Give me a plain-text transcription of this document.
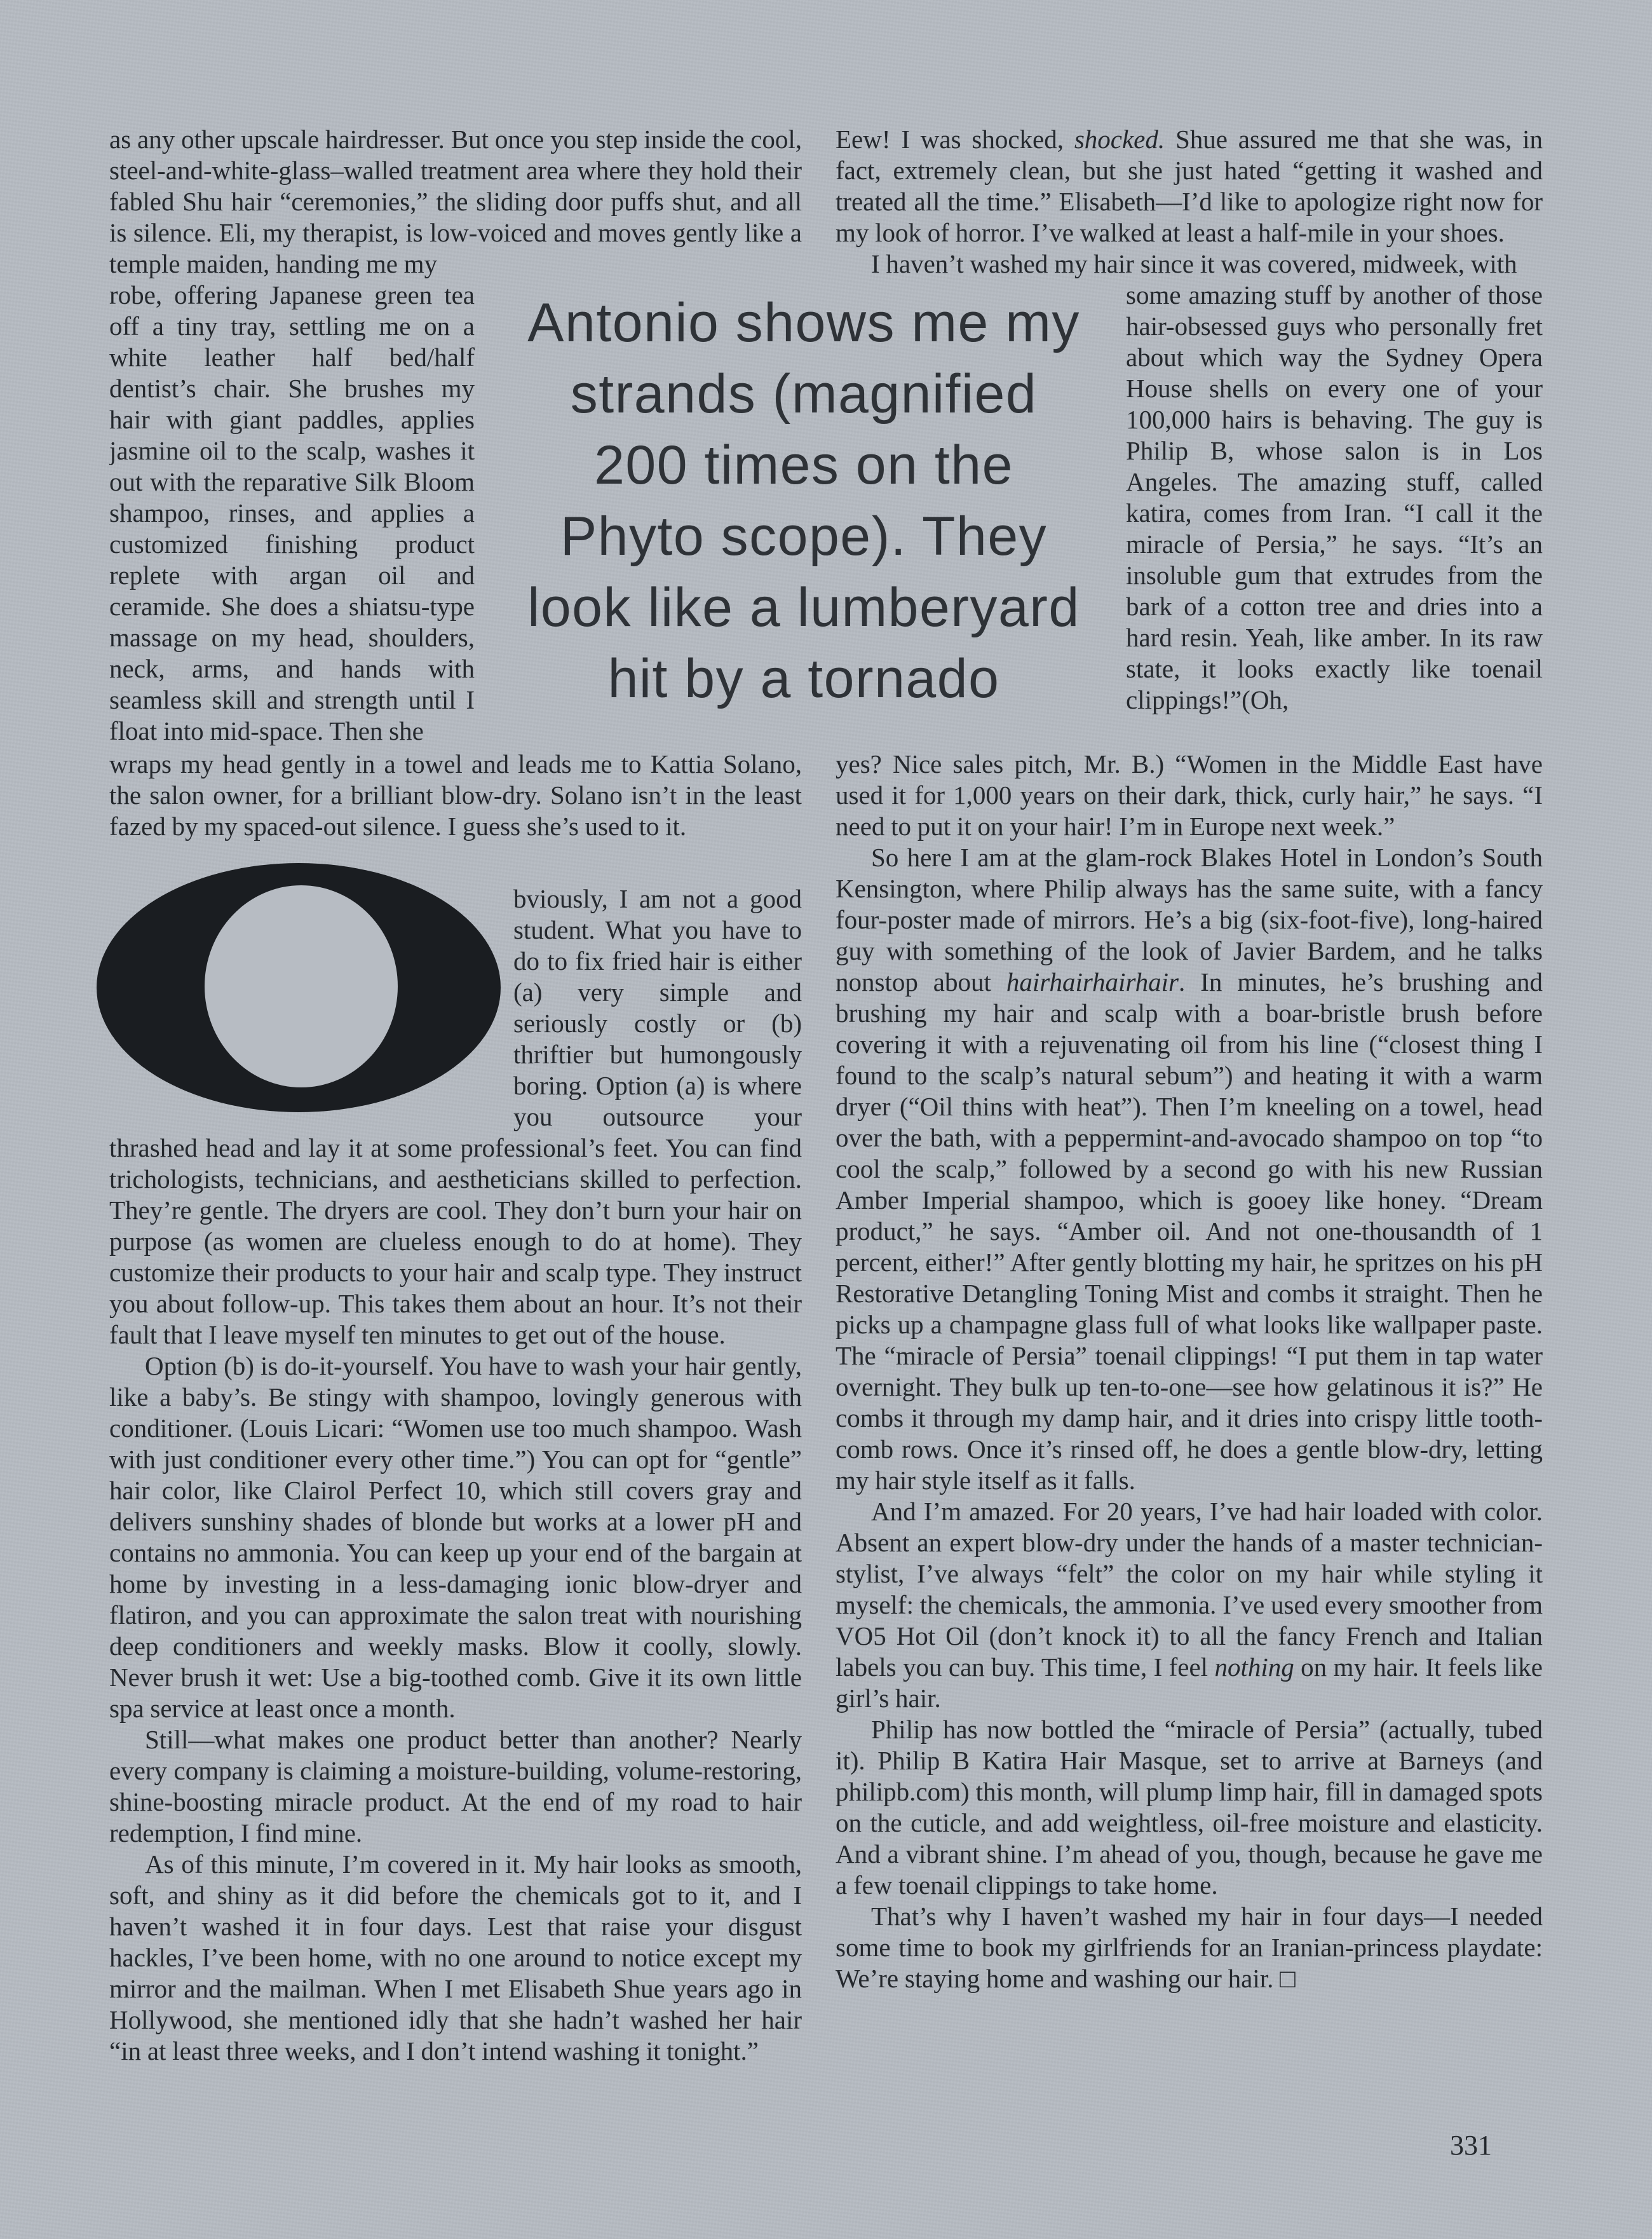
as any other upscale hairdresser. But once you step inside the cool, steel-and-white-glass–walled treatment area where they hold their fabled Shu hair “ceremonies,” the sliding door puffs shut, and all is silence. Eli, my therapist, is low-voiced and moves gently like a temple maiden, handing me my

robe, offering Japanese green tea off a tiny tray, settling me on a white leather half bed/half dentist’s chair. She brushes my hair with giant paddles, applies jasmine oil to the scalp, washes it out with the reparative Silk Bloom shampoo, rinses, and applies a customized finishing product replete with argan oil and ceramide. She does a shiatsu-type massage on my head, shoulders, neck, arms, and hands with seamless skill and strength until I float into mid-space. Then she

wraps my head gently in a towel and leads me to Kattia Solano, the salon owner, for a brilliant blow-dry. Solano isn’t in the least fazed by my spaced-out silence. I guess she’s used to it.

Antonio shows me my
strands (magnified
200 times on the
Phyto scope). They
look like a lumberyard
hit by a tornado

bviously, I am not a good student. What you have to do to fix fried hair is either (a) very simple and seriously costly or (b) thriftier but humongously boring. Option (a) is where you outsource your thrashed head and lay it at some professional’s feet. You can find trichologists, technicians, and aestheticians skilled to perfection. They’re gentle. The dryers are cool. They don’t burn your hair on purpose (as women are clueless enough to do at home). They customize their products to your hair and scalp type. They instruct you about follow-up. This takes them about an hour. It’s not their fault that I leave myself ten minutes to get out of the house.

Option (b) is do-it-yourself. You have to wash your hair gently, like a baby’s. Be stingy with shampoo, lovingly generous with conditioner. (Louis Licari: “Women use too much shampoo. Wash with just conditioner every other time.”) You can opt for “gentle” hair color, like Clairol Perfect 10, which still covers gray and delivers sunshiny shades of blonde but works at a lower pH and contains no ammonia. You can keep up your end of the bargain at home by investing in a less-damaging ionic blow-dryer and flatiron, and you can approximate the salon treat with nourishing deep conditioners and weekly masks. Blow it coolly, slowly. Never brush it wet: Use a big-toothed comb. Give it its own little spa service at least once a month.

Still—what makes one product better than another? Nearly every company is claiming a moisture-building, volume-restoring, shine-boosting miracle product. At the end of my road to hair redemption, I find mine.

As of this minute, I’m covered in it. My hair looks as smooth, soft, and shiny as it did before the chemicals got to it, and I haven’t washed it in four days. Lest that raise your disgust hackles, I’ve been home, with no one around to notice except my mirror and the mailman. When I met Elisabeth Shue years ago in Hollywood, she mentioned idly that she hadn’t washed her hair “in at least three weeks, and I don’t intend washing it tonight.”

Eew! I was shocked, shocked. Shue assured me that she was, in fact, extremely clean, but she just hated “getting it washed and treated all the time.” Elisabeth—I’d like to apologize right now for my look of horror. I’ve walked at least a half-mile in your shoes.

I haven’t washed my hair since it was covered, midweek, with

some amazing stuff by another of those hair-obsessed guys who personally fret about which way the Sydney Opera House shells on every one of your 100,000 hairs is behaving. The guy is Philip B, whose salon is in Los Angeles. The amazing stuff, called katira, comes from Iran. “I call it the miracle of Persia,” he says. “It’s an insoluble gum that extrudes from the bark of a cotton tree and dries into a hard resin. Yeah, like amber. In its raw state, it looks exactly like toenail clippings!”(Oh,

yes? Nice sales pitch, Mr. B.) “Women in the Middle East have used it for 1,000 years on their dark, thick, curly hair,” he says. “I need to put it on your hair! I’m in Europe next week.”

So here I am at the glam-rock Blakes Hotel in London’s South Kensington, where Philip always has the same suite, with a fancy four-poster made of mirrors. He’s a big (six-foot-five), long-haired guy with something of the look of Javier Bardem, and he talks nonstop about hairhairhairhair. In minutes, he’s brushing and brushing my hair and scalp with a boar-bristle brush before covering it with a rejuvenating oil from his line (“closest thing I found to the scalp’s natural sebum”) and heating it with a warm dryer (“Oil thins with heat”). Then I’m kneeling on a towel, head over the bath, with a peppermint-and-avocado shampoo on top “to cool the scalp,” followed by a second go with his new Russian Amber Imperial shampoo, which is gooey like honey. “Dream product,” he says. “Amber oil. And not one-thousandth of 1 percent, either!” After gently blotting my hair, he spritzes on his pH Restorative Detangling Toning Mist and combs it straight. Then he picks up a champagne glass full of what looks like wallpaper paste. The “miracle of Persia” toenail clippings! “I put them in tap water overnight. They bulk up ten-to-one—see how gelatinous it is?” He combs it through my damp hair, and it dries into crispy little tooth-comb rows. Once it’s rinsed off, he does a gentle blow-dry, letting my hair style itself as it falls.

And I’m amazed. For 20 years, I’ve had hair loaded with color. Absent an expert blow-dry under the hands of a master technician-stylist, I’ve always “felt” the color on my hair while styling it myself: the chemicals, the ammonia. I’ve used every smoother from VO5 Hot Oil (don’t knock it) to all the fancy French and Italian labels you can buy. This time, I feel nothing on my hair. It feels like girl’s hair.

Philip has now bottled the “miracle of Persia” (actually, tubed it). Philip B Katira Hair Masque, set to arrive at Barneys (and philipb.com) this month, will plump limp hair, fill in damaged spots on the cuticle, and add weightless, oil-free moisture and elasticity. And a vibrant shine. I’m ahead of you, though, because he gave me a few toenail clippings to take home.

That’s why I haven’t washed my hair in four days—I needed some time to book my girlfriends for an Iranian-princess playdate: We’re staying home and washing our hair. □

331
